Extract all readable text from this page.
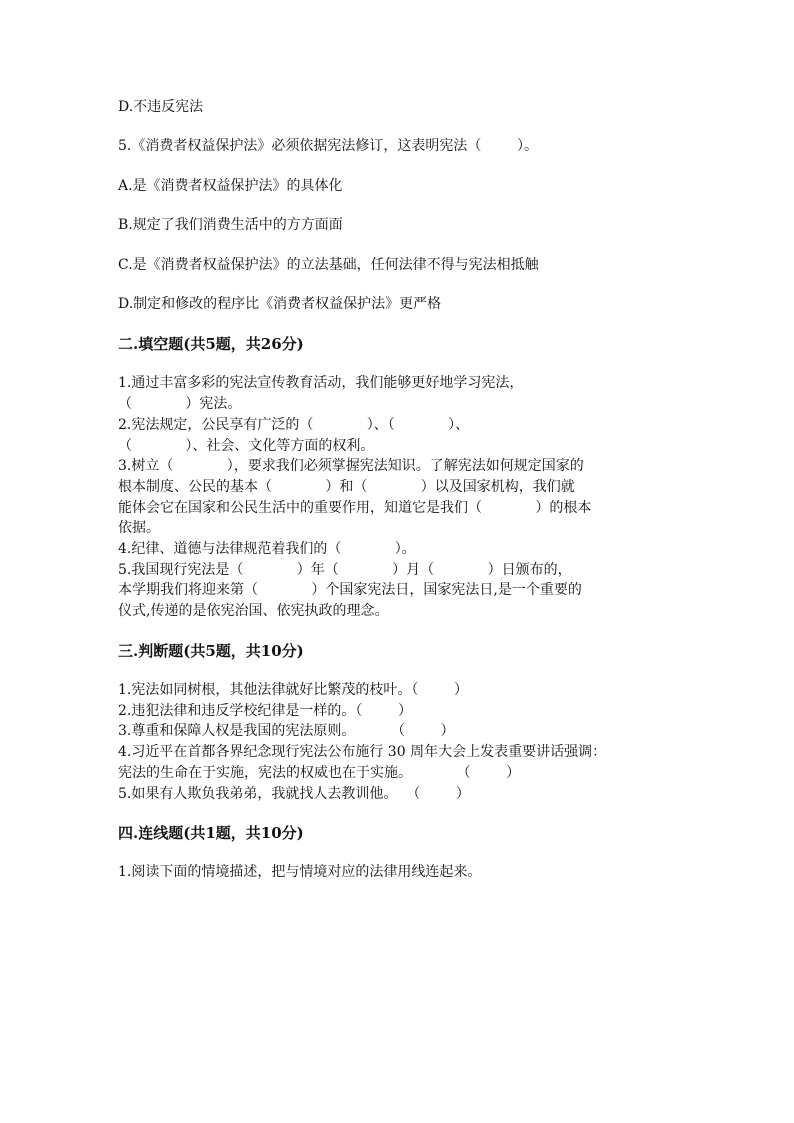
D.不违反宪法

5.《消费者权益保护法》必须依据宪法修订，这表明宪法（        ）。

A.是《消费者权益保护法》的具体化

B.规定了我们消费生活中的方方面面

C.是《消费者权益保护法》的立法基础，任何法律不得与宪法相抵触

D.制定和修改的程序比《消费者权益保护法》更严格

二.填空题(共5题，共26分)

1.通过丰富多彩的宪法宣传教育活动，我们能够更好地学习宪法，

（            ）宪法。

2.宪法规定，公民享有广泛的（            ）、（            ）、

（            ）、社会、文化等方面的权利。

3.树立（            ），要求我们必须掌握宪法知识。了解宪法如何规定国家的

根本制度、公民的基本（            ）和（            ）以及国家机构，我们就

能体会它在国家和公民生活中的重要作用，知道它是我们（            ）的根本

依据。

4.纪律、道德与法律规范着我们的（            ）。

5.我国现行宪法是（            ）年（            ）月（            ）日颁布的，

本学期我们将迎来第（            ）个国家宪法日，国家宪法日,是一个重要的

仪式,传递的是依宪治国、依宪执政的理念。

三.判断题(共5题，共10分)

1.宪法如同树根，其他法律就好比繁茂的枝叶。（        ）

2.违犯法律和违反学校纪律是一样的。（        ）

3.尊重和保障人权是我国的宪法原则。        （        ）

4.习近平在首都各界纪念现行宪法公布施行 30 周年大会上发表重要讲话强调：

宪法的生命在于实施，宪法的权威也在于实施。          （        ）

5.如果有人欺负我弟弟，我就找人去教训他。  （        ）

四.连线题(共1题，共10分)

1.阅读下面的情境描述，把与情境对应的法律用线连起来。
